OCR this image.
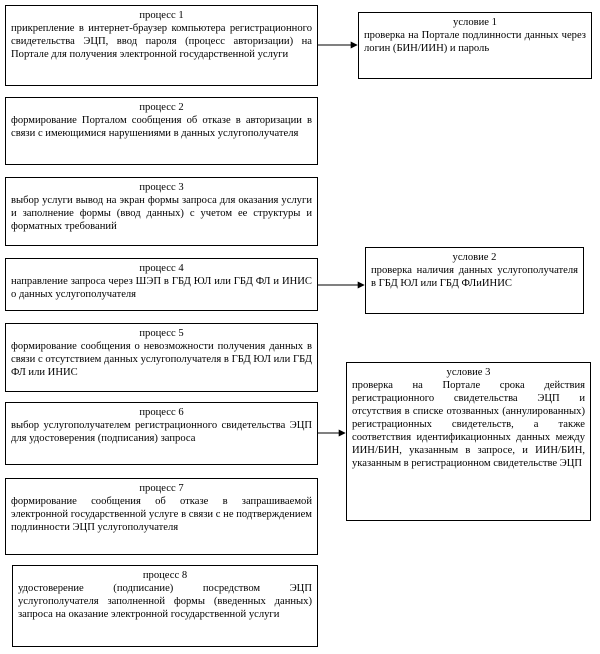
процесс 1
прикрепление в интернет-браузер компьютера регистрационного свидетельства ЭЦП, ввод пароля (процесс авторизации) на Портале для получения электронной государственной услуги
процесс 2
формирование Порталом сообщения об отказе в авторизации в связи с имеющимися нарушениями в данных услугополучателя
процесс 3
выбор услуги вывод на экран формы запроса для оказания услуги и заполнение формы (ввод данных) с учетом ее структуры и форматных требований
процесс 4
направление запроса через ШЭП в ГБД ЮЛ или ГБД ФЛ и ИНИС о данных услугополучателя
процесс 5
формирование сообщения о невозможности получения данных в связи с отсутствием данных услугополучателя в ГБД ЮЛ или ГБД ФЛ или ИНИС
процесс 6
выбор услугополучателем регистрационного свидетельства ЭЦП для удостоверения (подписания) запроса
процесс 7
формирование сообщения об отказе в запрашиваемой электронной государственной услуге в связи с не подтверждением подлинности ЭЦП услугополучателя
процесс 8
удостоверение (подписание) посредством ЭЦП услугополучателя заполненной формы (введенных данных) запроса на оказание электронной государственной услуги
условие 1
проверка на Портале подлинности данных через логин (БИН/ИИН) и пароль
условие 2
проверка наличия данных услугополучателя в ГБД ЮЛ или ГБД ФЛиИНИС
условие 3
проверка на Портале срока действия регистрационного свидетельства ЭЦП и отсутствия в списке отозванных (аннулированных) регистрационных свидетельств, а также соответствия идентификационных данных между ИИН/БИН, указанным в запросе, и ИИН/БИН, указанным в регистрационном свидетельстве ЭЦП
